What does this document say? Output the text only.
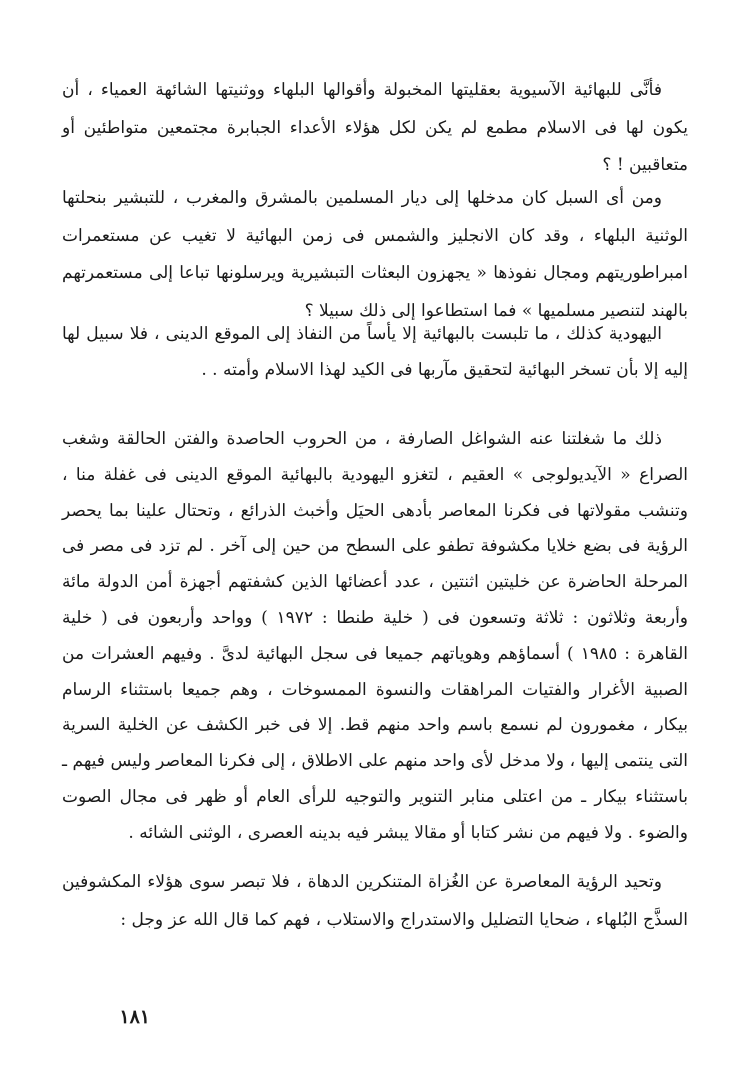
فأنَّى للبهائية الآسيوية بعقليتها المخبولة وأقوالها البلهاء ووثنيتها الشائهة العمياء ، أن يكون لها فى الاسلام مطمع لم يكن لكل هؤلاء الأعداء الجبابرة مجتمعين متواطئين أو متعاقبين ! ؟

ومن أى السبل كان مدخلها إلى ديار المسلمين بالمشرق والمغرب ، للتبشير بنحلتها الوثنية البلهاء ، وقد كان الانجليز والشمس فى زمن البهائية لا تغيب عن مستعمرات امبراطوريتهم ومجال نفوذها « يجهزون البعثات التبشيرية ويرسلونها تباعا إلى مستعمرتهم بالهند لتنصير مسلميها » فما استطاعوا إلى ذلك سبيلا ؟

اليهودية كذلك ، ما تلبست بالبهائية إلا يأساً من النفاذ إلى الموقع الدينى ، فلا سبيل لها إليه إلا بأن تسخر البهائية لتحقيق مآربها فى الكيد لهذا الاسلام وأمته . .

ذلك ما شغلتنا عنه الشواغل الصارفة ، من الحروب الحاصدة والفتن الحالقة وشغب الصراع « الآيديولوجى » العقيم ، لتغزو اليهودية بالبهائية الموقع الدينى فى غفلة منا ، وتنشب مقولاتها فى فكرنا المعاصر بأدهى الحيَل وأخبث الذرائع ، وتحتال علينا بما يحصر الرؤية فى بضع خلايا مكشوفة تطفو على السطح من حين إلى آخر . لم تزد فى مصر فى المرحلة الحاضرة عن خليتين اثنتين ، عدد أعضائها الذين كشفتهم أجهزة أمن الدولة مائة وأربعة وثلاثون : ثلاثة وتسعون فى ( خلية طنطا : ١٩٧٢ ) وواحد وأربعون فى ( خلية القاهرة : ١٩٨٥ ) أسماؤهم وهوياتهم جميعا فى سجل البهائية لدىَّ . وفيهم العشرات من الصبية الأغرار والفتيات المراهقات والنسوة الممسوخات ، وهم جميعا باستثناء الرسام بيكار ، مغمورون لم نسمع باسم واحد منهم قط. إلا فى خبر الكشف عن الخلية السرية التى ينتمى إليها ، ولا مدخل لأى واحد منهم على الاطلاق ، إلى فكرنا المعاصر وليس فيهم ـ باستثناء بيكار ـ من اعتلى منابر التنوير والتوجيه للرأى العام أو ظهر فى مجال الصوت والضوء . ولا فيهم من نشر كتابا أو مقالا يبشر فيه بدينه العصرى ، الوثنى الشائه .

وتحيد الرؤية المعاصرة عن الغُزاة المتنكرين الدهاة ، فلا تبصر سوى هؤلاء المكشوفين السذَّج البُلهاء ، ضحايا التضليل والاستدراج والاستلاب ، فهم كما قال الله عز وجل :

١٨١
